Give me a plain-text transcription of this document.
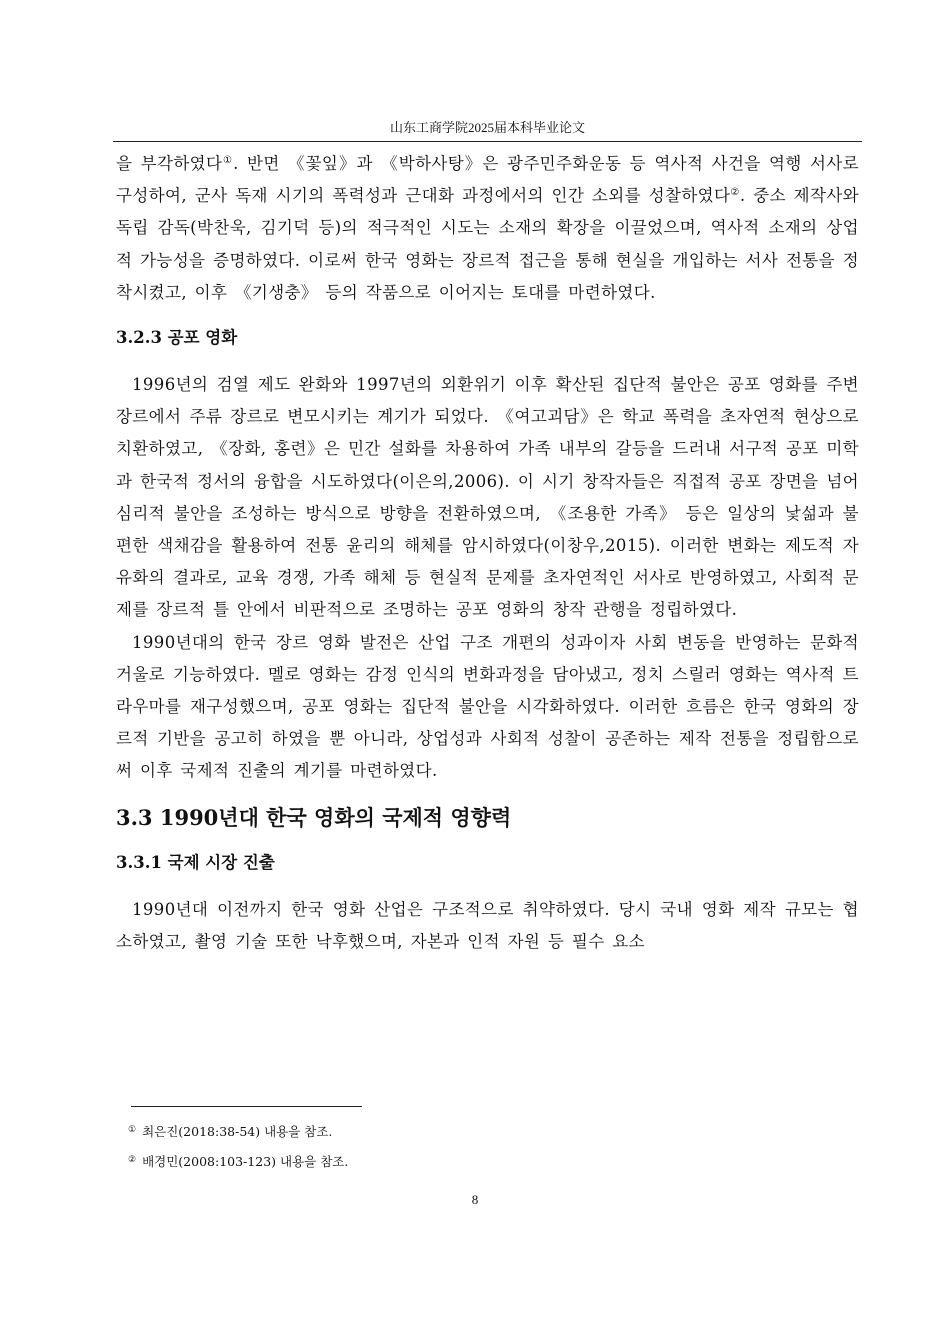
山东工商学院2025届本科毕业论文

을 부각하였다①. 반면 《꽃잎》과 《박하사탕》은 광주민주화운동 등 역사적 사건을 역행 서사로 구성하여, 군사 독재 시기의 폭력성과 근대화 과정에서의 인간 소외를 성찰하였다②. 중소 제작사와 독립 감독(박찬욱, 김기덕 등)의 적극적인 시도는 소재의 확장을 이끌었으며, 역사적 소재의 상업적 가능성을 증명하였다. 이로써 한국 영화는 장르적 접근을 통해 현실을 개입하는 서사 전통을 정착시켰고, 이후 《기생충》 등의 작품으로 이어지는 토대를 마련하였다.

3.2.3 공포 영화

1996년의 검열 제도 완화와 1997년의 외환위기 이후 확산된 집단적 불안은 공포 영화를 주변 장르에서 주류 장르로 변모시키는 계기가 되었다. 《여고괴담》은 학교 폭력을 초자연적 현상으로 치환하였고, 《장화, 홍련》은 민간 설화를 차용하여 가족 내부의 갈등을 드러내 서구적 공포 미학과 한국적 정서의 융합을 시도하였다(이은의,2006). 이 시기 창작자들은 직접적 공포 장면을 넘어 심리적 불안을 조성하는 방식으로 방향을 전환하였으며, 《조용한 가족》 등은 일상의 낯섦과 불편한 색채감을 활용하여 전통 윤리의 해체를 암시하였다(이창우,2015). 이러한 변화는 제도적 자유화의 결과로, 교육 경쟁, 가족 해체 등 현실적 문제를 초자연적인 서사로 반영하였고, 사회적 문제를 장르적 틀 안에서 비판적으로 조명하는 공포 영화의 창작 관행을 정립하였다.

1990년대의 한국 장르 영화 발전은 산업 구조 개편의 성과이자 사회 변동을 반영하는 문화적 거울로 기능하였다. 멜로 영화는 감정 인식의 변화과정을 담아냈고, 정치 스릴러 영화는 역사적 트라우마를 재구성했으며, 공포 영화는 집단적 불안을 시각화하였다. 이러한 흐름은 한국 영화의 장르적 기반을 공고히 하였을 뿐 아니라, 상업성과 사회적 성찰이 공존하는 제작 전통을 정립함으로써 이후 국제적 진출의 계기를 마련하였다.

3.3 1990년대 한국 영화의 국제적 영향력
3.3.1 국제 시장 진출

1990년대 이전까지 한국 영화 산업은 구조적으로 취약하였다. 당시 국내 영화 제작 규모는 협소하였고, 촬영 기술 또한 낙후했으며, 자본과 인적 자원 등 필수 요소

① 최은진(2018:38-54) 내용을 참조.

② 배경민(2008:103-123) 내용을 참조.

8
